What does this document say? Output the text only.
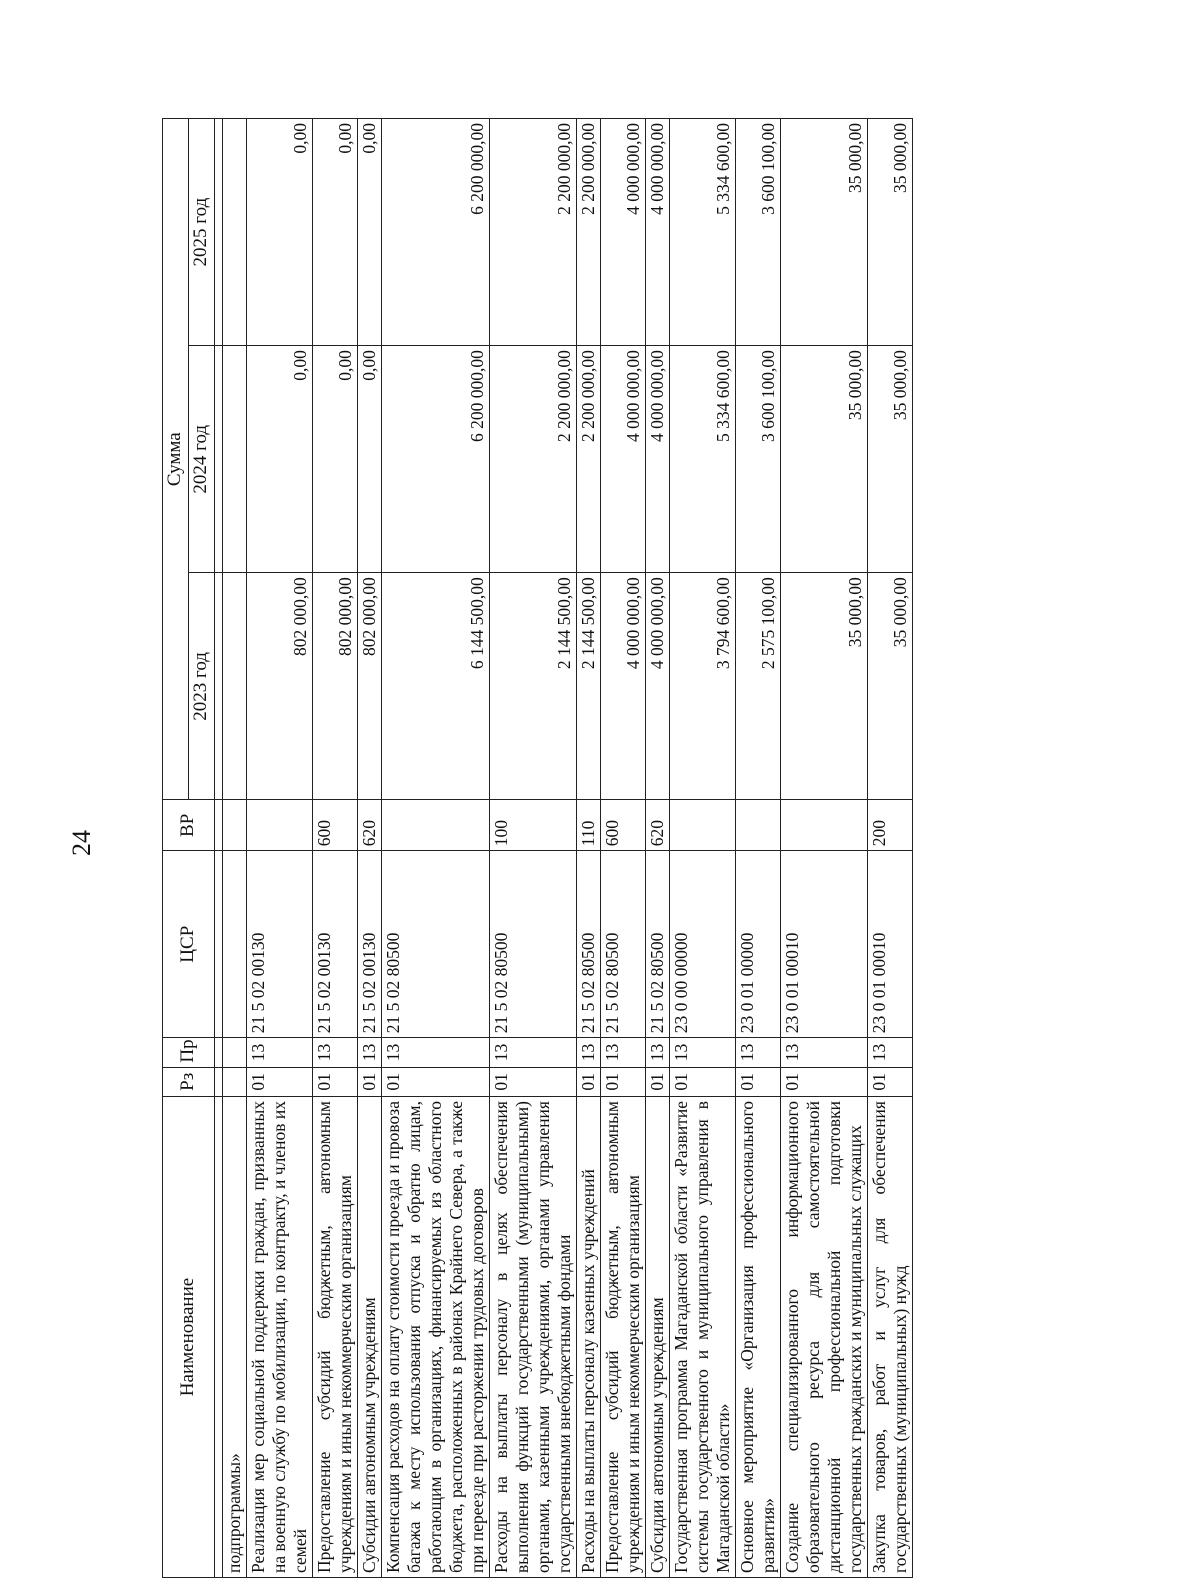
24
Наименование	Рз	Пр	ЦСР	ВР	Сумма		
					2023 год	2024 год	2025 год

подпрограммы»							
Реализация мер социальной поддержки граждан, призванных на военную службу по мобилизации, по контракту, и членов их семей	01	13	21 5 02 00130		802 000,00	0,00	0,00
Предоставление субсидий бюджетным, автономным учреждениям и иным некоммерческим организациям	01	13	21 5 02 00130	600	802 000,00	0,00	0,00
Субсидии автономным учреждениям	01	13	21 5 02 00130	620	802 000,00	0,00	0,00
Компенсация расходов на оплату стоимости проезда и провоза багажа к месту использования отпуска и обратно лицам, работающим в организациях, финансируемых из областного бюджета, расположенных в районах Крайнего Севера, а также при переезде при расторжении трудовых договоров	01	13	21 5 02 80500		6 144 500,00	6 200 000,00	6 200 000,00
Расходы на выплаты персоналу в целях обеспечения выполнения функций государственными (муниципальными) органами, казенными учреждениями, органами управления государственными внебюджетными фондами	01	13	21 5 02 80500	100	2 144 500,00	2 200 000,00	2 200 000,00
Расходы на выплаты персоналу казенных учреждений	01	13	21 5 02 80500	110	2 144 500,00	2 200 000,00	2 200 000,00
Предоставление субсидий бюджетным, автономным учреждениям и иным некоммерческим организациям	01	13	21 5 02 80500	600	4 000 000,00	4 000 000,00	4 000 000,00
Субсидии автономным учреждениям	01	13	21 5 02 80500	620	4 000 000,00	4 000 000,00	4 000 000,00
Государственная программа Магаданской области «Развитие системы государственного и муниципального управления в Магаданской области»	01	13	23 0 00 00000		3 794 600,00	5 334 600,00	5 334 600,00
Основное мероприятие «Организация профессионального развития»	01	13	23 0 01 00000		2 575 100,00	3 600 100,00	3 600 100,00
Создание специализированного информационного образовательного ресурса для самостоятельной дистанционной профессиональной подготовки государственных гражданских и муниципальных служащих	01	13	23 0 01 00010		35 000,00	35 000,00	35 000,00
Закупка товаров, работ и услуг для обеспечения государственных (муниципальных) нужд	01	13	23 0 01 00010	200	35 000,00	35 000,00	35 000,00
